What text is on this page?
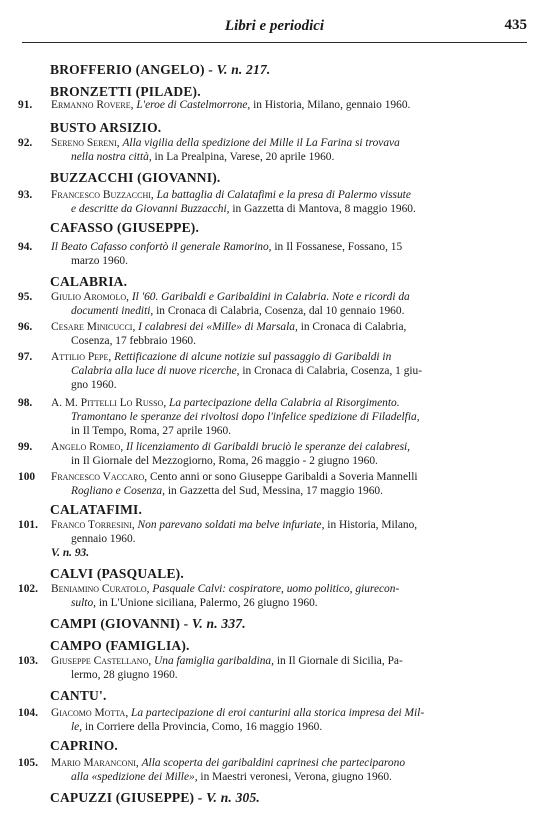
Libri e periodici	435
BROFFERIO (ANGELO) - V. n. 217.
BRONZETTI (PILADE).
91.	Ermanno Rovere, L'eroe di Castelmorrone, in Historia, Milano, gennaio 1960.
BUSTO ARSIZIO.
92.	Sereno Sereni, Alla vigilia della spedizione dei Mille il La Farina si trovava
nella nostra città, in La Prealpina, Varese, 20 aprile 1960.
BUZZACCHI (GIOVANNI).
93.	Francesco Buzzacchi, La battaglia di Calatafimi e la presa di Palermo vissute
e descritte da Giovanni Buzzacchi, in Gazzetta di Mantova, 8 maggio 1960.
CAFASSO (GIUSEPPE).
94.	Il Beato Cafasso confortò il generale Ramorino, in Il Fossanese, Fossano, 15
marzo 1960.
CALABRIA.
95.	Giulio Aromolo, Il '60. Garibaldi e Garibaldini in Calabria. Note e ricordi da
documenti inediti, in Cronaca di Calabria, Cosenza, dal 10 gennaio 1960.
96.	Cesare Minicucci, I calabresi dei «Mille» di Marsala, in Cronaca di Calabria,
Cosenza, 17 febbraio 1960.
97.	Attilio Pepe, Rettificazione di alcune notizie sul passaggio di Garibaldi in
Calabria alla luce di nuove ricerche, in Cronaca di Calabria, Cosenza, 1 giu-
gno 1960.
98.	A. M. Pittelli Lo Russo, La partecipazione della Calabria al Risorgimento.
Tramontano le speranze dei rivoltosi dopo l'infelice spedizione di Filadelfia,
in Il Tempo, Roma, 27 aprile 1960.
99.	Angelo Romeo, Il licenziamento di Garibaldi bruciò le speranze dei calabresi,
in Il Giornale del Mezzogiorno, Roma, 26 maggio - 2 giugno 1960.
100	Francesco Vaccaro, Cento anni or sono Giuseppe Garibaldi a Soveria Mannelli
Rogliano e Cosenza, in Gazzetta del Sud, Messina, 17 maggio 1960.
CALATAFIMI.
101.	Franco Torresini, Non parevano soldati ma belve infuriate, in Historia, Milano,
gennaio 1960.
V. n. 93.
CALVI (PASQUALE).
102.	Beniamino Curatolo, Pasquale Calvi: cospiratore, uomo politico, giurecon-
sulto, in L'Unione siciliana, Palermo, 26 giugno 1960.
CAMPI (GIOVANNI) - V. n. 337.
CAMPO (FAMIGLIA).
103.	Giuseppe Castellano, Una famiglia garibaldina, in Il Giornale di Sicilia, Pa-
lermo, 28 giugno 1960.
CANTU'.
104.	Giacomo Motta, La partecipazione di eroi canturini alla storica impresa dei Mil-
le, in Corriere della Provincia, Como, 16 maggio 1960.
CAPRINO.
105.	Mario Maranconi, Alla scoperta dei garibaldini caprinesi che parteciparono
alla «spedizione dei Mille», in Maestri veronesi, Verona, giugno 1960.
CAPUZZI (GIUSEPPE) - V. n. 305.
